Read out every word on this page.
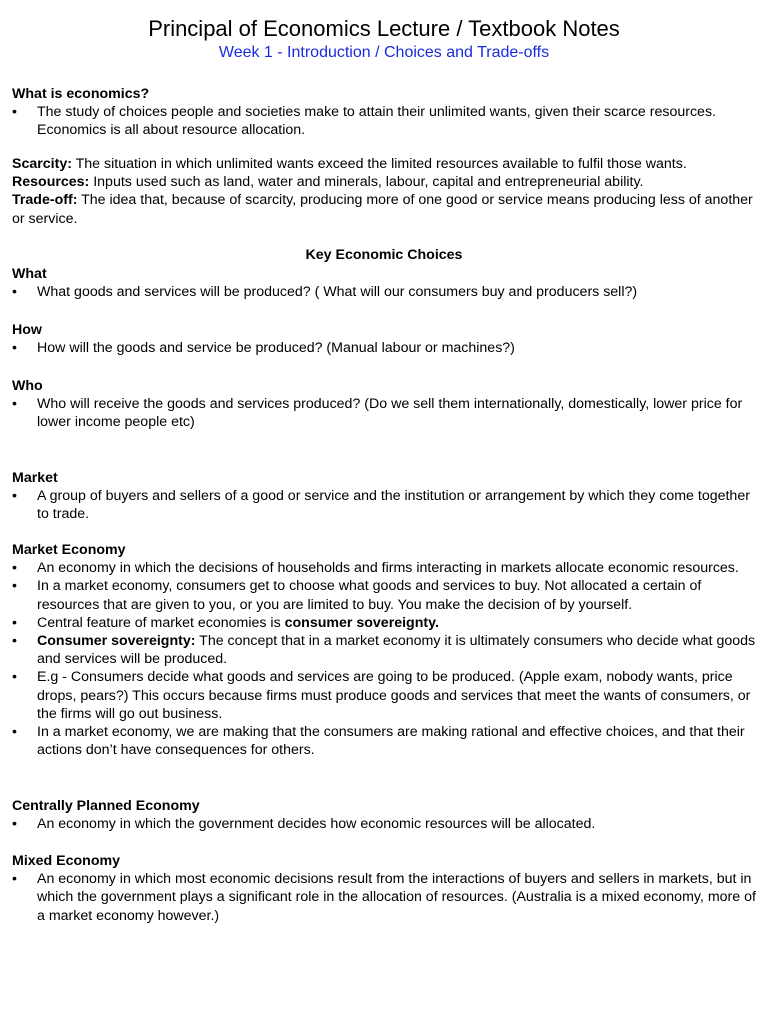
Principal of Economics Lecture / Textbook Notes
Week 1 - Introduction / Choices and Trade-offs
What is economics?
• The study of choices people and societies make to attain their unlimited wants, given their scarce resources. Economics is all about resource allocation.
Scarcity: The situation in which unlimited wants exceed the limited resources available to fulfil those wants.
Resources: Inputs used such as land, water and minerals, labour, capital and entrepreneurial ability.
Trade-off: The idea that, because of scarcity, producing more of one good or service means producing less of another or service.
Key Economic Choices
What
• What goods and services will be produced? ( What will our consumers buy and producers sell?)
How
• How will the goods and service be produced? (Manual labour or machines?)
Who
• Who will receive the goods and services produced? (Do we sell them internationally, domestically, lower price for lower income people etc)
Market
• A group of buyers and sellers of a good or service and the institution or arrangement by which they come together to trade.
Market Economy
• An economy in which the decisions of households and firms interacting in markets allocate economic resources.
• In a market economy, consumers get to choose what goods and services to buy. Not allocated a certain of resources that are given to you, or you are limited to buy. You make the decision of by yourself.
• Central feature of market economies is consumer sovereignty.
• Consumer sovereignty: The concept that in a market economy it is ultimately consumers who decide what goods and services will be produced.
• E.g - Consumers decide what goods and services are going to be produced. (Apple exam, nobody wants, price drops, pears?) This occurs because firms must produce goods and services that meet the wants of consumers, or the firms will go out business.
• In a market economy, we are making that the consumers are making rational and effective choices, and that their actions don’t have consequences for others.
Centrally Planned Economy
• An economy in which the government decides how economic resources will be allocated.
Mixed Economy
• An economy in which most economic decisions result from the interactions of buyers and sellers in markets, but in which the government plays a significant role in the allocation of resources. (Australia is a mixed economy, more of a market economy however.)
